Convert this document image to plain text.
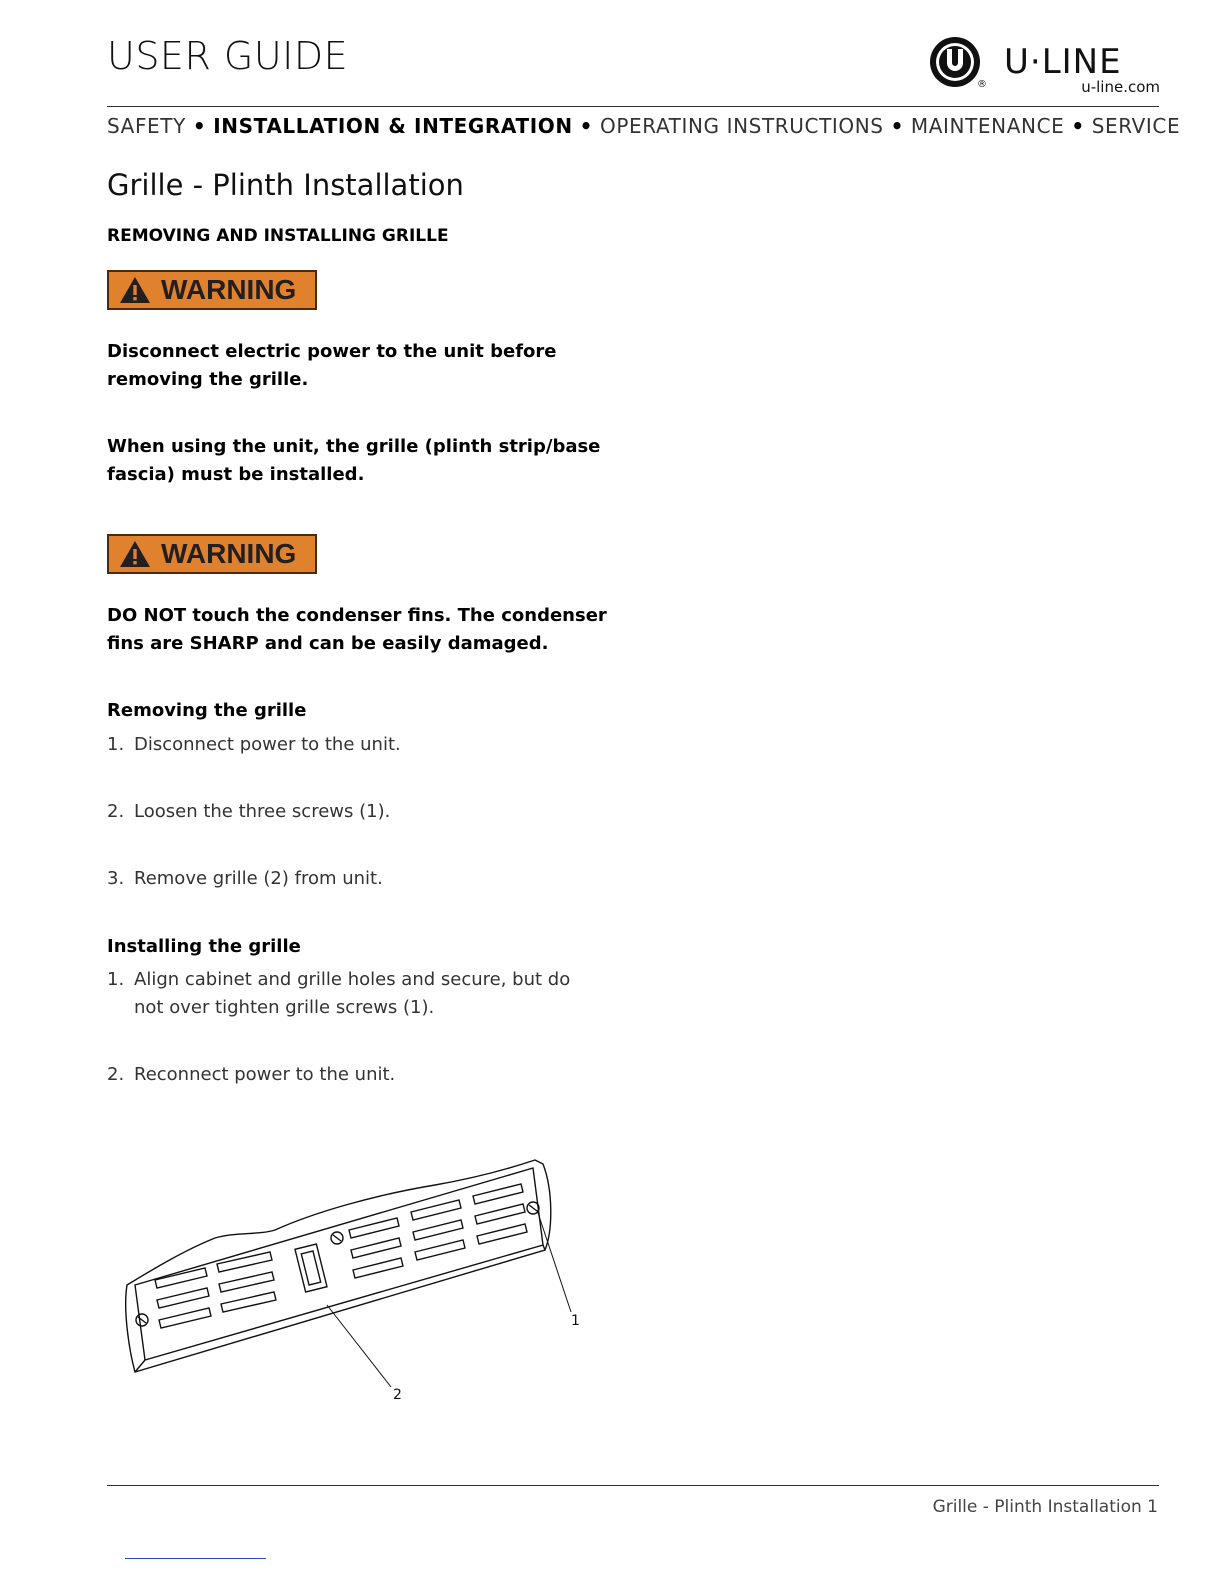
USER GUIDE
®
U·LINE
u-line.com
SAFETY • INSTALLATION & INTEGRATION • OPERATING INSTRUCTIONS • MAINTENANCE • SERVICE
Grille - Plinth Installation
REMOVING AND INSTALLING GRILLE
WARNING
Disconnect electric power to the unit before
removing the grille.
When using the unit, the grille (plinth strip/base
fascia) must be installed.
WARNING
DO NOT touch the condenser fins. The condenser
fins are SHARP and can be easily damaged.
Removing the grille
1. Disconnect power to the unit.
2. Loosen the three screws (1).
3. Remove grille (2) from unit.
Installing the grille
1. Align cabinet and grille holes and secure, but do not over tighten grille screws (1).
2. Reconnect power to the unit.
1
2
Grille - Plinth Installation 1
